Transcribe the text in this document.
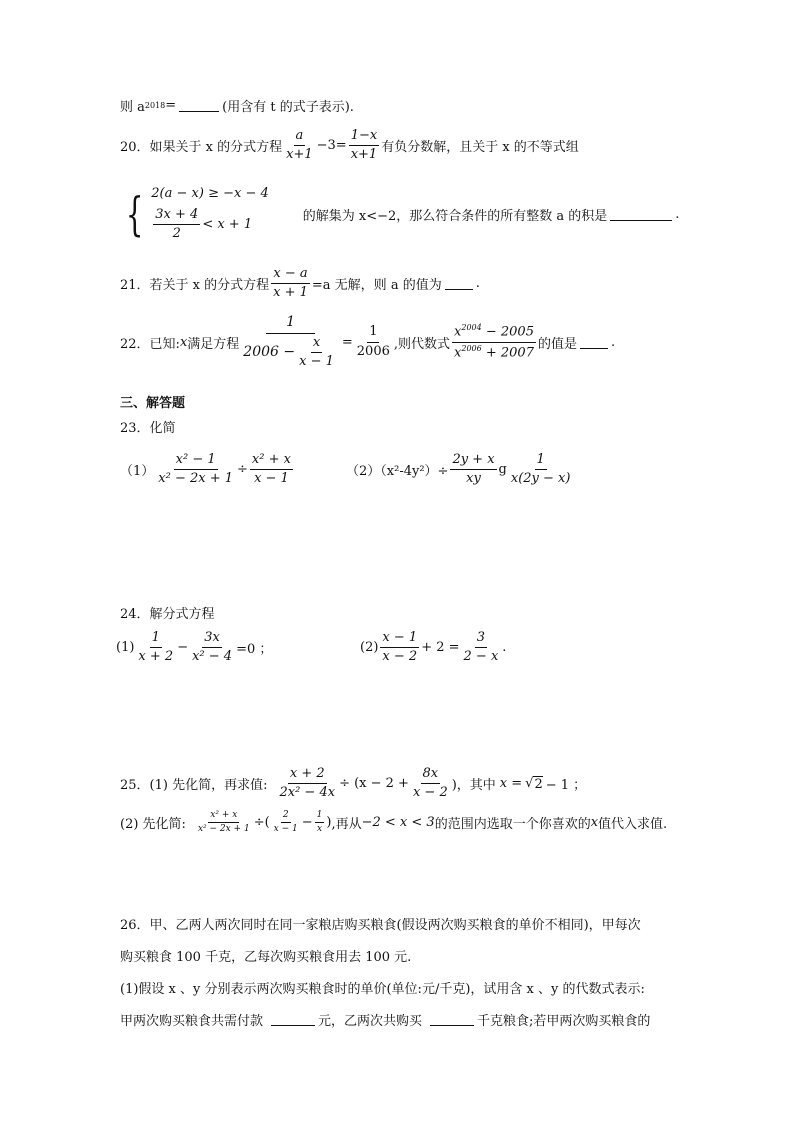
则 a 2018 =	(用含有 t 的式子表示).
20．如果关于 x 的分式方程 $\frac{a}{x+1} -3= \frac{1-x}{x+1}$ 有负分数解，且关于 x 的不等式组
{ 2(a − x) ≥ −x − 4
$\frac{3x + 4}{2} < x + 1$
的解集为 x<−2，那么符合条件的所有整数 a 的积是	.
21．若关于 x 的分式方程 $\frac{x - a}{x + 1} =a$ 无解，则 a 的值为	.
22．已知: x 满足方程 $\frac{1}{2006 - \frac{x}{x - 1}} = \frac{1}{2006}$ ,则代数式 $\frac{x^{2004} - 2005}{x^{2006} + 2007}$ 的值是	.
三、解答题
23．化简
$(1) \frac{\text{x² − 1}}{\text{x² − 2x + 1}} \div \frac{\text{x² + x}}{x - 1}$	$(2)(x^2-4y^2)\div \frac{2y + x}{xy}$ g $\frac{1}{x(2y - x)}$
24．解分式方程
$(1) \frac{1}{x + 2} - \frac{3x}{\text{x² − 4}} =0$ ；	$(2) \frac{x - 1}{x - 2} + 2 = \frac{3}{2 - x}$ .
25．(1) 先化简，再求值: $\frac{x + 2}{\text{2x² − 4x}} \div (x - 2 + \frac{8x}{x - 2}$ )，其中 x = √ 2 − 1 ；
(2) 先化简: $\frac{\text{x² + x}}{\text{x² − 2x + 1}}$ ÷( $\frac{2}{x - 1} - \frac{1}{x}$ ) ,再从 −2 < x < 3 的范围内选取一个你喜欢的 x 值代入求值.
26．甲、乙两人两次同时在同一家粮店购买粮食(假设两次购买粮食的单价不相同)，甲每次
购买粮食 100 千克，乙每次购买粮食用去 100 元.
(1)假设 x 、y 分别表示两次购买粮食时的单价(单位:元/千克)，试用含 x 、y 的代数式表示:
甲两次购买粮食共需付款	元，乙两次共购买	千克粮食;若甲两次购买粮食的
